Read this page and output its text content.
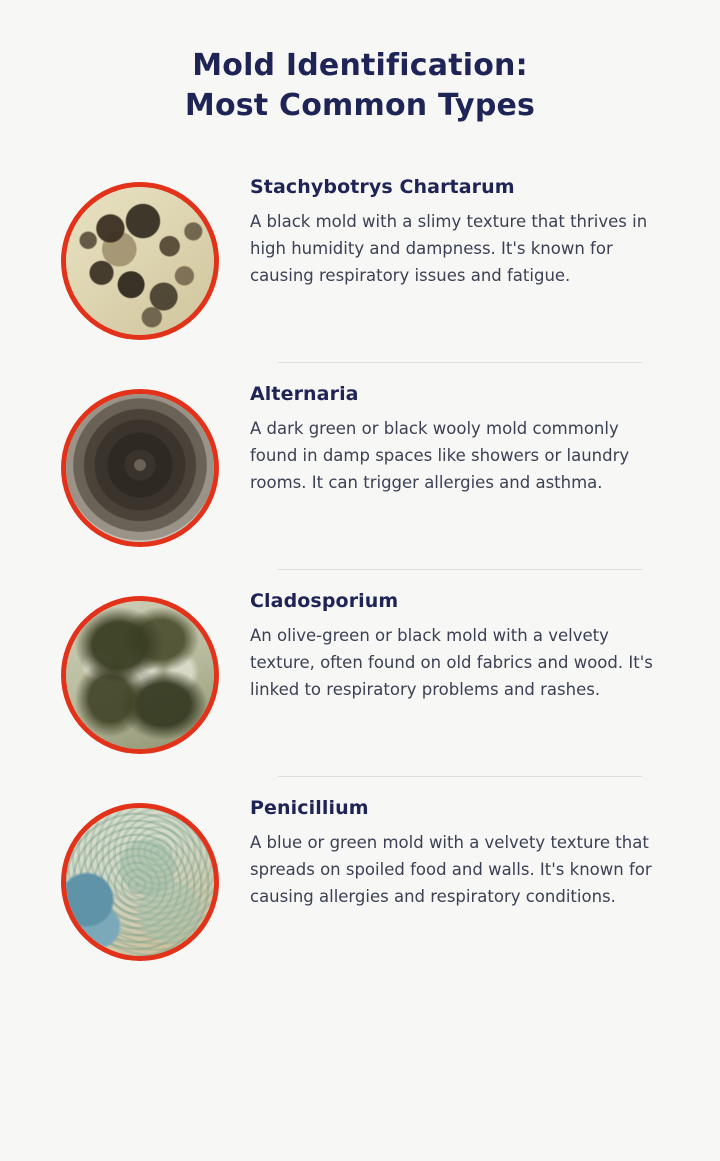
Mold Identification:
Most Common Types
Stachybotrys Chartarum

A black mold with a slimy texture that thrives in high humidity and dampness. It's known for causing respiratory issues and fatigue.

Alternaria

A dark green or black wooly mold commonly found in damp spaces like showers or laundry rooms. It can trigger allergies and asthma.

Cladosporium

An olive-green or black mold with a velvety texture, often found on old fabrics and wood. It's linked to respiratory problems and rashes.

Penicillium

A blue or green mold with a velvety texture that spreads on spoiled food and walls. It's known for causing allergies and respiratory conditions.
